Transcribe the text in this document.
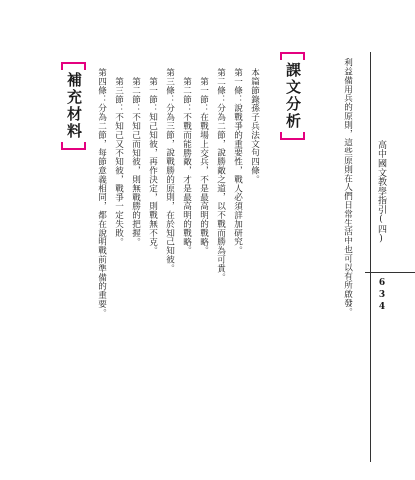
高中國文教學指引(四)
634
利益備用兵的原則，這些原則在人們日常生活中也可以有所啟發。
課文分析
本篇節錄孫子兵法文句四條。
第一條：說戰爭的重要性，戰人必須詳加研究。
第二條：分為二節，說勝敵之道，以不戰而勝為可貴。
第一節：在戰場上交兵，不是最高明的戰略。
第二節：不戰而能勝敵，才是最高明的戰略。
第三條：分為三節，說戰勝的原則，在於知己知彼。
第一節：知己知彼，再作決定，則戰無不克。
第二節：不知己而知彼，則無戰勝的把握。
第三節：不知己又不知彼，戰爭一定失敗。
第四條：分為二節，每節意義相同，都在說明戰前準備的重要。
補充材料
